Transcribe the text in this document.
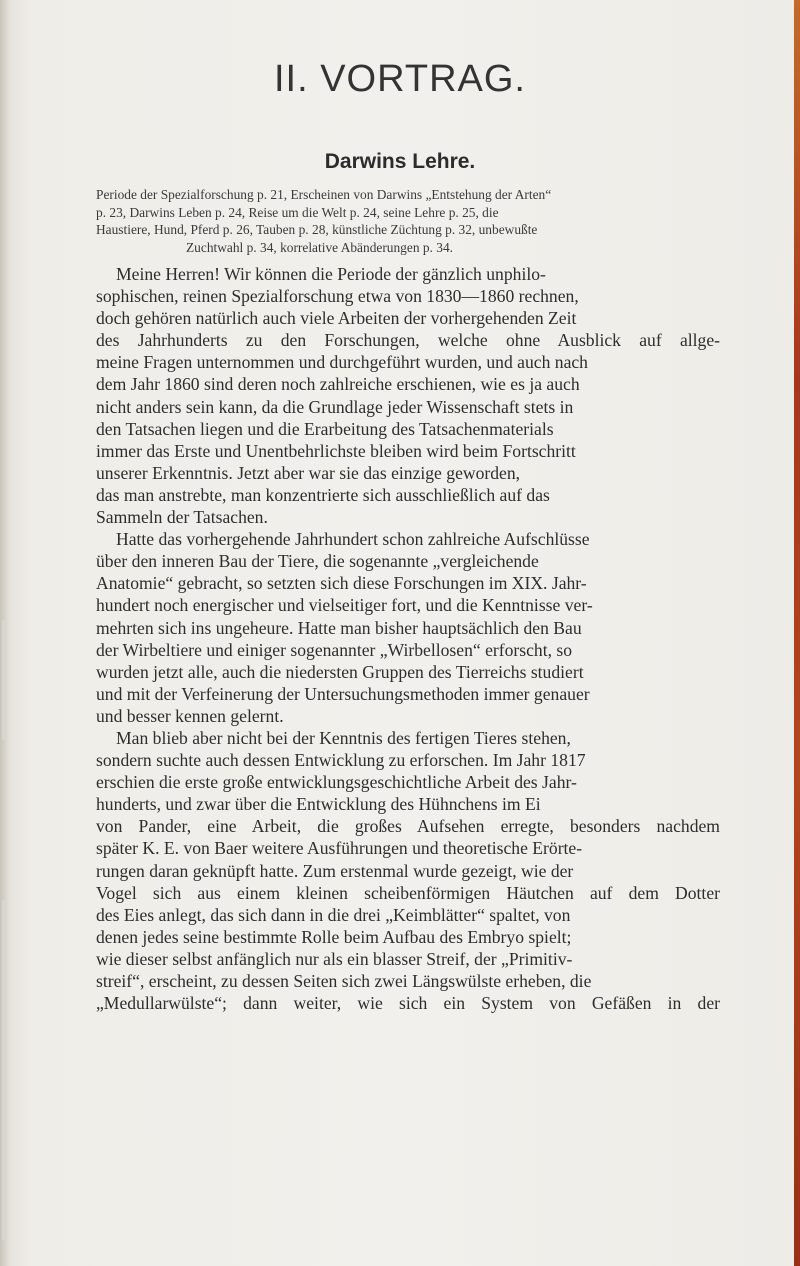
II. VORTRAG.
Darwins Lehre.
Periode der Spezialforschung p. 21, Erscheinen von Darwins „Entstehung der Arten“
p. 23, Darwins Leben p. 24, Reise um die Welt p. 24, seine Lehre p. 25, die
Haustiere, Hund, Pferd p. 26, Tauben p. 28, künstliche Züchtung p. 32, unbewußte
Zuchtwahl p. 34, korrelative Abänderungen p. 34.
Meine Herren! Wir können die Periode der gänzlich unphilo-
sophischen, reinen Spezialforschung etwa von 1830—1860 rechnen,
doch gehören natürlich auch viele Arbeiten der vorhergehenden Zeit
des Jahrhunderts zu den Forschungen, welche ohne Ausblick auf allge-
meine Fragen unternommen und durchgeführt wurden, und auch nach
dem Jahr 1860 sind deren noch zahlreiche erschienen, wie es ja auch
nicht anders sein kann, da die Grundlage jeder Wissenschaft stets in
den Tatsachen liegen und die Erarbeitung des Tatsachenmaterials
immer das Erste und Unentbehrlichste bleiben wird beim Fortschritt
unserer Erkenntnis. Jetzt aber war sie das einzige geworden,
das man anstrebte, man konzentrierte sich ausschließlich auf das
Sammeln der Tatsachen.
Hatte das vorhergehende Jahrhundert schon zahlreiche Aufschlüsse
über den inneren Bau der Tiere, die sogenannte „vergleichende
Anatomie“ gebracht, so setzten sich diese Forschungen im XIX. Jahr-
hundert noch energischer und vielseitiger fort, und die Kenntnisse ver-
mehrten sich ins ungeheure. Hatte man bisher hauptsächlich den Bau
der Wirbeltiere und einiger sogenannter „Wirbellosen“ erforscht, so
wurden jetzt alle, auch die niedersten Gruppen des Tierreichs studiert
und mit der Verfeinerung der Untersuchungsmethoden immer genauer
und besser kennen gelernt.
Man blieb aber nicht bei der Kenntnis des fertigen Tieres stehen,
sondern suchte auch dessen Entwicklung zu erforschen. Im Jahr 1817
erschien die erste große entwicklungsgeschichtliche Arbeit des Jahr-
hunderts, und zwar über die Entwicklung des Hühnchens im Ei
von Pander, eine Arbeit, die großes Aufsehen erregte, besonders nachdem
später K. E. von Baer weitere Ausführungen und theoretische Erörte-
rungen daran geknüpft hatte. Zum erstenmal wurde gezeigt, wie der
Vogel sich aus einem kleinen scheibenförmigen Häutchen auf dem Dotter
des Eies anlegt, das sich dann in die drei „Keimblätter“ spaltet, von
denen jedes seine bestimmte Rolle beim Aufbau des Embryo spielt;
wie dieser selbst anfänglich nur als ein blasser Streif, der „Primitiv-
streif“, erscheint, zu dessen Seiten sich zwei Längswülste erheben, die
„Medullarwülste“; dann weiter, wie sich ein System von Gefäßen in der
